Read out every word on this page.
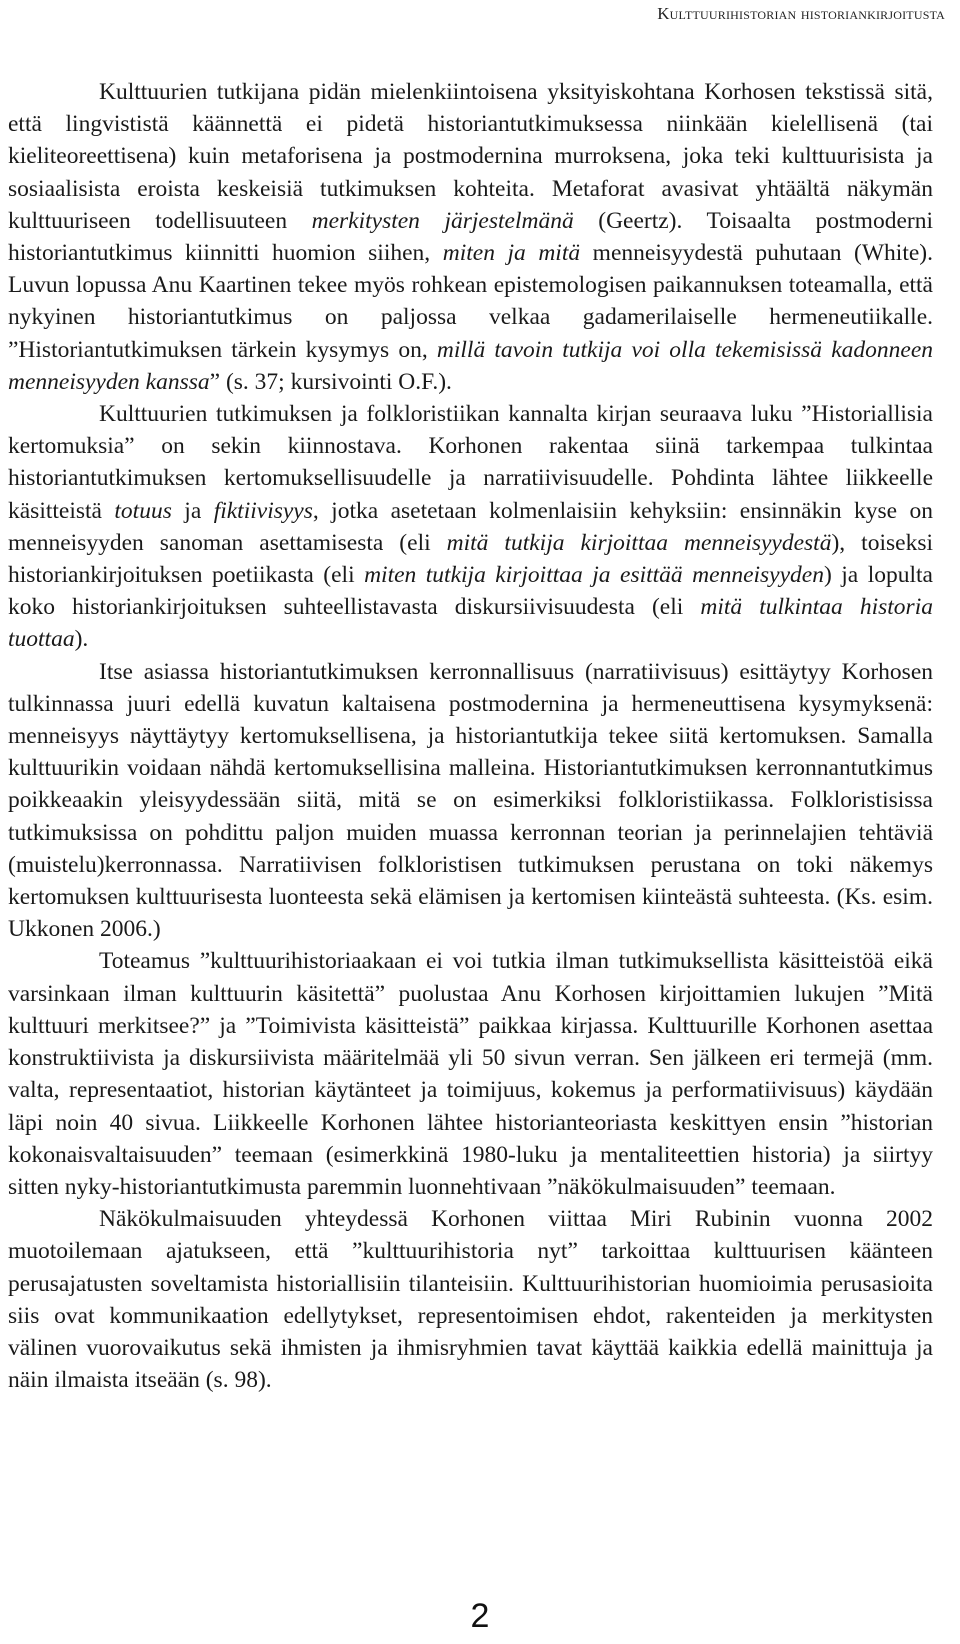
Kulttuurihistorian historiankirjoitusta

Kulttuurien tutkijana pidän mielenkiintoisena yksityiskohtana Korhosen tekstissä sitä, että lingvististä käännettä ei pidetä historiantutkimuksessa niinkään kielellisenä (tai kieliteoreettisena) kuin metaforisena ja postmodernina murroksena, joka teki kulttuurisista ja sosiaalisista eroista keskeisiä tutkimuksen kohteita. Metaforat avasivat yhtäältä näkymän kulttuuriseen todellisuuteen merkitysten järjestelmänä (Geertz). Toisaalta postmoderni historiantutkimus kiinnitti huomion siihen, miten ja mitä menneisyydestä puhutaan (White). Luvun lopussa Anu Kaartinen tekee myös rohkean epistemologisen paikannuksen toteamalla, että nykyinen historiantutkimus on paljossa velkaa gadamerilaiselle hermeneutiikalle. ”Historiantutkimuksen tärkein kysymys on, millä tavoin tutkija voi olla tekemisissä kadonneen menneisyyden kanssa” (s. 37; kursivointi O.F.).

Kulttuurien tutkimuksen ja folkloristiikan kannalta kirjan seuraava luku ”Historiallisia kertomuksia” on sekin kiinnostava. Korhonen rakentaa siinä tarkempaa tulkintaa historiantutkimuksen kertomuksellisuudelle ja narratiivisuudelle. Pohdinta lähtee liikkeelle käsitteistä totuus ja fiktiivisyys, jotka asetetaan kolmenlaisiin kehyksiin: ensinnäkin kyse on menneisyyden sanoman asettamisesta (eli mitä tutkija kirjoittaa menneisyydestä), toiseksi historiankirjoituksen poetiikasta (eli miten tutkija kirjoittaa ja esittää menneisyyden) ja lopulta koko historiankirjoituksen suhteellistavasta diskursiivisuudesta (eli mitä tulkintaa historia tuottaa).

Itse asiassa historiantutkimuksen kerronnallisuus (narratiivisuus) esittäytyy Korhosen tulkinnassa juuri edellä kuvatun kaltaisena postmodernina ja hermeneuttisena kysymyksenä: menneisyys näyttäytyy kertomuksellisena, ja historiantutkija tekee siitä kertomuksen. Samalla kulttuurikin voidaan nähdä kertomuksellisina malleina. Historiantutkimuksen kerronnantutkimus poikkeaakin yleisyydessään siitä, mitä se on esimerkiksi folkloristiikassa. Folkloristisissa tutkimuksissa on pohdittu paljon muiden muassa kerronnan teorian ja perinnelajien tehtäviä (muistelu)kerronnassa. Narratiivisen folkloristisen tutkimuksen perustana on toki näkemys kertomuksen kulttuurisesta luonteesta sekä elämisen ja kertomisen kiinteästä suhteesta. (Ks. esim. Ukkonen 2006.)

Toteamus ”kulttuurihistoriaakaan ei voi tutkia ilman tutkimuksellista käsitteistöä eikä varsinkaan ilman kulttuurin käsitettä” puolustaa Anu Korhosen kirjoittamien lukujen ”Mitä kulttuuri merkitsee?” ja ”Toimivista käsitteistä” paikkaa kirjassa. Kulttuurille Korhonen asettaa konstruktiivista ja diskursiivista määritelmää yli 50 sivun verran. Sen jälkeen eri termejä (mm. valta, representaatiot, historian käytänteet ja toimijuus, kokemus ja performatiivisuus) käydään läpi noin 40 sivua. Liikkeelle Korhonen lähtee historianteoriasta keskittyen ensin ”historian kokonaisvaltaisuuden” teemaan (esimerkkinä 1980-luku ja mentaliteettien historia) ja siirtyy sitten nyky-historiantutkimusta paremmin luonnehtivaan ”näkökulmaisuuden” teemaan.

Näkökulmaisuuden yhteydessä Korhonen viittaa Miri Rubinin vuonna 2002 muotoilemaan ajatukseen, että ”kulttuurihistoria nyt” tarkoittaa kulttuurisen käänteen perusajatusten soveltamista historiallisiin tilanteisiin. Kulttuurihistorian huomioimia perusasioita siis ovat kommunikaation edellytykset, representoimisen ehdot, rakenteiden ja merkitysten välinen vuorovaikutus sekä ihmisten ja ihmisryhmien tavat käyttää kaikkia edellä mainittuja ja näin ilmaista itseään (s. 98).

2
